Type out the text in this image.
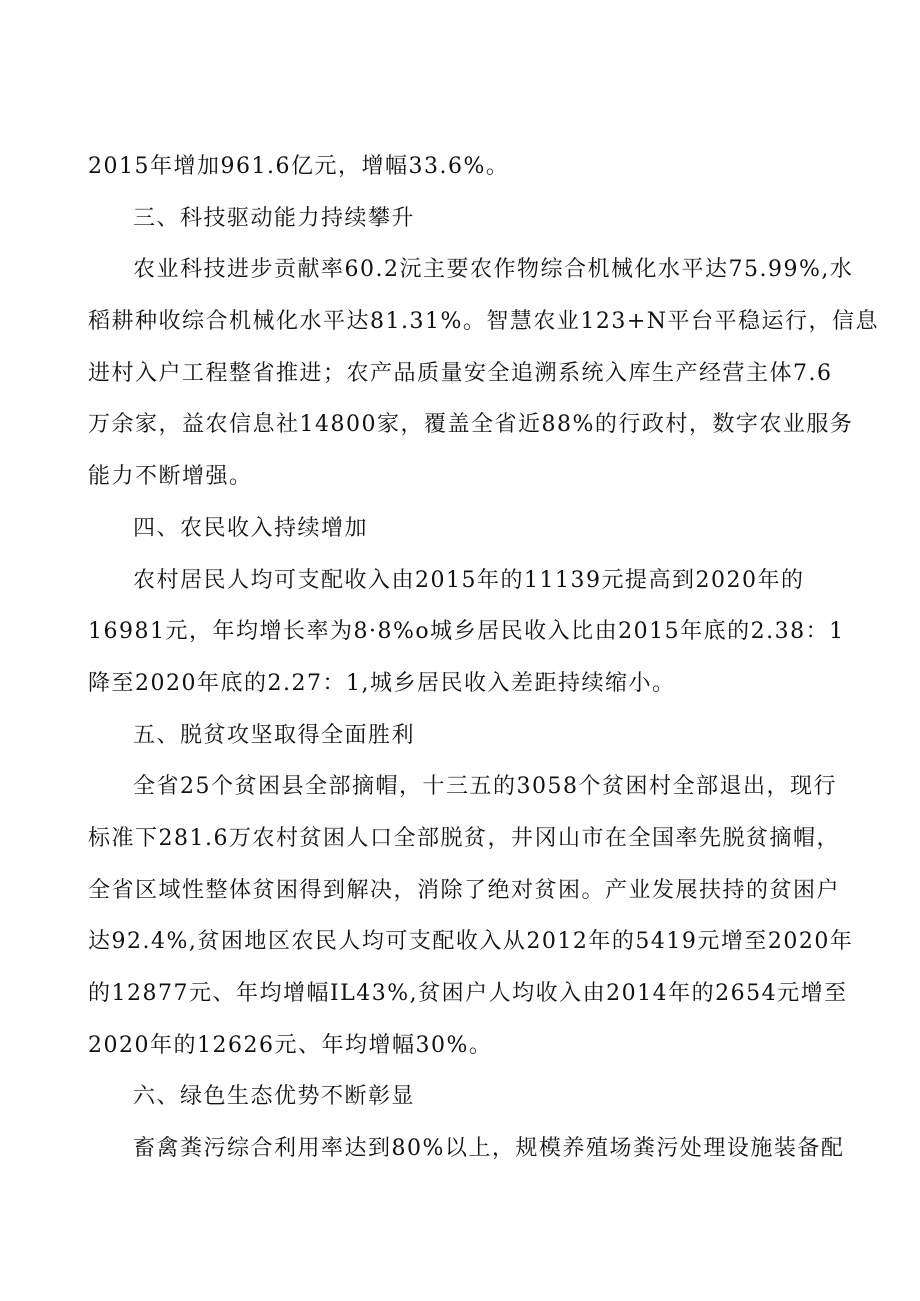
2015年增加961.6亿元，增幅33.6%。
三、科技驱动能力持续攀升
农业科技进步贡献率60.2沅主要农作物综合机械化水平达75.99%,水
稻耕种收综合机械化水平达81.31%。智慧农业123+N平台平稳运行，信息
进村入户工程整省推进；农产品质量安全追溯系统入库生产经营主体7.6
万余家，益农信息社14800家，覆盖全省近88%的行政村，数字农业服务
能力不断增强。
四、农民收入持续增加
农村居民人均可支配收入由2015年的11139元提高到2020年的
16981元，年均增长率为8·8%o城乡居民收入比由2015年底的2.38：1
降至2020年底的2.27：1,城乡居民收入差距持续缩小。
五、脱贫攻坚取得全面胜利
全省25个贫困县全部摘帽，十三五的3058个贫困村全部退出，现行
标准下281.6万农村贫困人口全部脱贫，井冈山市在全国率先脱贫摘帽，
全省区域性整体贫困得到解决，消除了绝对贫困。产业发展扶持的贫困户
达92.4%,贫困地区农民人均可支配收入从2012年的5419元增至2020年
的12877元、年均增幅IL43%,贫困户人均收入由2014年的2654元增至
2020年的12626元、年均增幅30%。
六、绿色生态优势不断彰显
畜禽粪污综合利用率达到80%以上，规模养殖场粪污处理设施装备配
